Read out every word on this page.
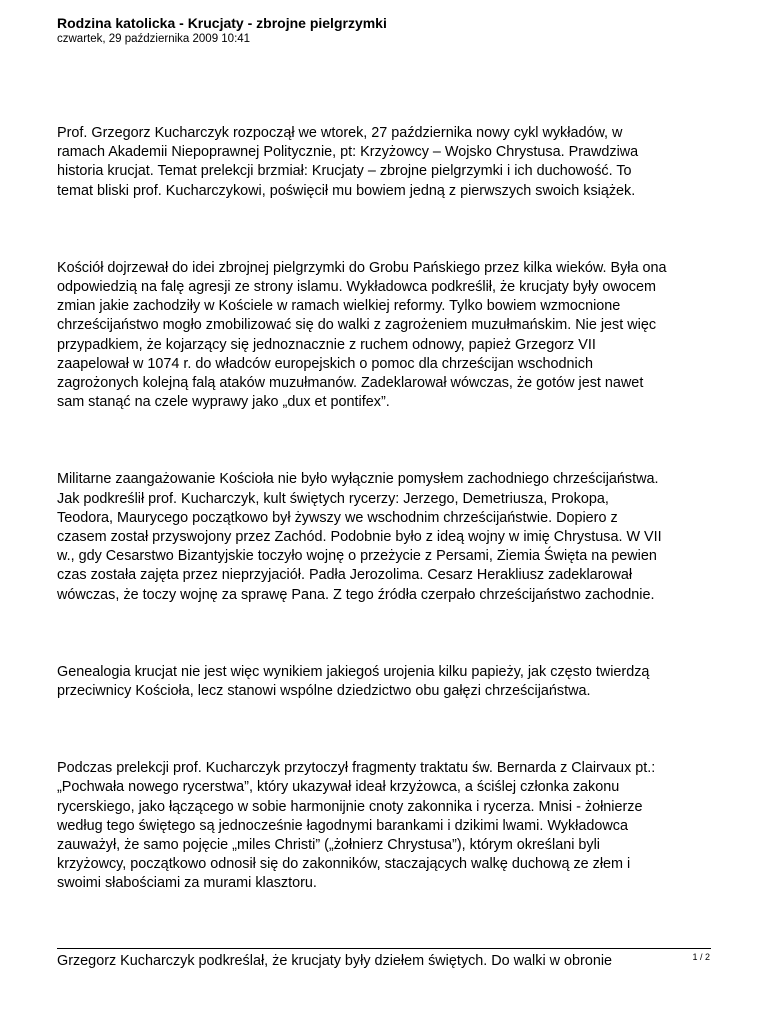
Rodzina katolicka - Krucjaty - zbrojne pielgrzymki
czwartek, 29 października 2009 10:41

Prof. Grzegorz Kucharczyk rozpoczął we wtorek, 27 października nowy cykl wykładów, w
ramach Akademii Niepoprawnej Politycznie, pt: Krzyżowcy – Wojsko Chrystusa. Prawdziwa
historia krucjat. Temat prelekcji brzmiał: Krucjaty – zbrojne pielgrzymki i ich duchowość. To
temat bliski prof. Kucharczykowi, poświęcił mu bowiem jedną z pierwszych swoich książek.

Kościół dojrzewał do idei zbrojnej pielgrzymki do Grobu Pańskiego przez kilka wieków. Była ona
odpowiedzią na falę agresji ze strony islamu. Wykładowca podkreślił, że krucjaty były owocem
zmian jakie zachodziły w Kościele w ramach wielkiej reformy. Tylko bowiem wzmocnione
chrześcijaństwo mogło zmobilizować się do walki z zagrożeniem muzułmańskim. Nie jest więc
przypadkiem, że kojarzący się jednoznacznie z ruchem odnowy, papież Grzegorz VII
zaapelował w 1074 r. do władców europejskich o pomoc dla chrześcijan wschodnich
zagrożonych kolejną falą ataków muzułmanów. Zadeklarował wówczas, że gotów jest nawet
sam stanąć na czele wyprawy jako „dux et pontifex”.

Militarne zaangażowanie Kościoła nie było wyłącznie pomysłem zachodniego chrześcijaństwa.
Jak podkreślił prof. Kucharczyk, kult świętych rycerzy: Jerzego, Demetriusza, Prokopa,
Teodora, Maurycego początkowo był żywszy we wschodnim chrześcijaństwie. Dopiero z
czasem został przyswojony przez Zachód. Podobnie było z ideą wojny w imię Chrystusa. W VII
w., gdy Cesarstwo Bizantyjskie toczyło wojnę o przeżycie z Persami, Ziemia Święta na pewien
czas została zajęta przez nieprzyjaciół. Padła Jerozolima. Cesarz Herakliusz zadeklarował
wówczas, że toczy wojnę za sprawę Pana. Z tego źródła czerpało chrześcijaństwo zachodnie.

Genealogia krucjat nie jest więc wynikiem jakiegoś urojenia kilku papieży, jak często twierdzą
przeciwnicy Kościoła, lecz stanowi wspólne dziedzictwo obu gałęzi chrześcijaństwa.

Podczas prelekcji prof. Kucharczyk przytoczył fragmenty traktatu św. Bernarda z Clairvaux pt.:
„Pochwała nowego rycerstwa”, który ukazywał ideał krzyżowca, a ściślej członka zakonu
rycerskiego, jako łączącego w sobie harmonijnie cnoty zakonnika i rycerza. Mnisi - żołnierze
według tego świętego są jednocześnie łagodnymi barankami i dzikimi lwami. Wykładowca
zauważył, że samo pojęcie „miles Christi” („żołnierz Chrystusa”), którym określani byli
krzyżowcy, początkowo odnosił się do zakonników, staczających walkę duchową ze złem i
swoimi słabościami za murami klasztoru.

Grzegorz Kucharczyk podkreślał, że krucjaty były dziełem świętych. Do walki w obronie	1 / 2
